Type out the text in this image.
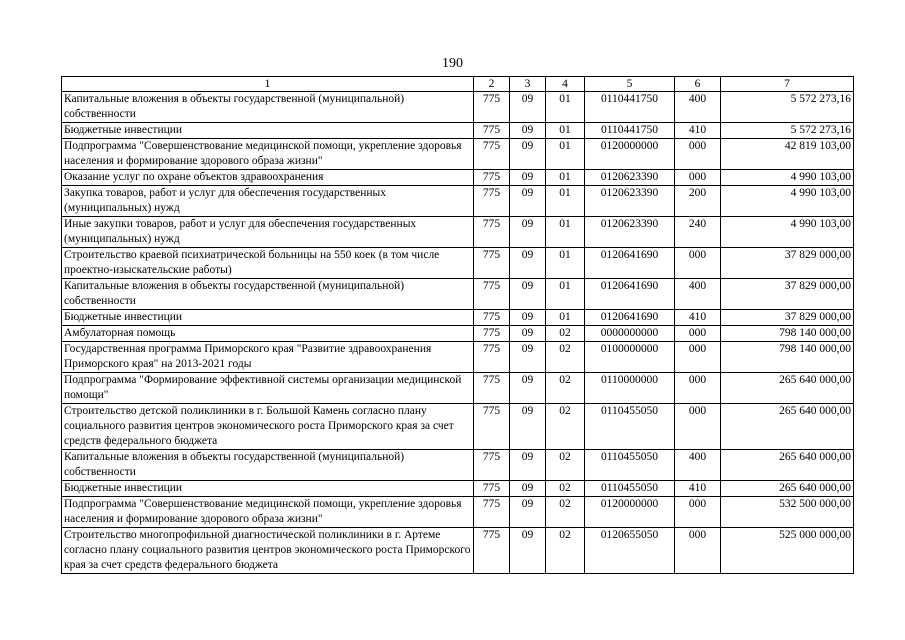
190
1	2	3	4	5	6	7
Капитальные вложения в объекты государственной (муниципальной) собственности	775	09	01	0110441750	400	5 572 273,16
Бюджетные инвестиции	775	09	01	0110441750	410	5 572 273,16
Подпрограмма "Совершенствование медицинской помощи, укрепление здоровья населения и формирование здорового образа жизни"	775	09	01	0120000000	000	42 819 103,00
Оказание услуг по охране объектов здравоохранения	775	09	01	0120623390	000	4 990 103,00
Закупка товаров, работ и услуг для обеспечения государственных (муниципальных) нужд	775	09	01	0120623390	200	4 990 103,00
Иные закупки товаров, работ и услуг для обеспечения государственных (муниципальных) нужд	775	09	01	0120623390	240	4 990 103,00
Строительство краевой психиатрической больницы на 550 коек (в том числе проектно-изыскательские работы)	775	09	01	0120641690	000	37 829 000,00
Капитальные вложения в объекты государственной (муниципальной) собственности	775	09	01	0120641690	400	37 829 000,00
Бюджетные инвестиции	775	09	01	0120641690	410	37 829 000,00
Амбулаторная помощь	775	09	02	0000000000	000	798 140 000,00
Государственная программа Приморского края "Развитие здравоохранения Приморского края" на 2013-2021 годы	775	09	02	0100000000	000	798 140 000,00
Подпрограмма "Формирование эффективной системы организации медицинской помощи"	775	09	02	0110000000	000	265 640 000,00
Строительство детской поликлиники в г. Большой Камень согласно плану социального развития центров экономического роста Приморского края за счет средств федерального бюджета	775	09	02	0110455050	000	265 640 000,00
Капитальные вложения в объекты государственной (муниципальной) собственности	775	09	02	0110455050	400	265 640 000,00
Бюджетные инвестиции	775	09	02	0110455050	410	265 640 000,00
Подпрограмма "Совершенствование медицинской помощи, укрепление здоровья населения и формирование здорового образа жизни"	775	09	02	0120000000	000	532 500 000,00
Строительство многопрофильной диагностической поликлиники в г. Артеме согласно плану социального развития центров экономического роста Приморского края за счет средств федерального бюджета	775	09	02	0120655050	000	525 000 000,00
